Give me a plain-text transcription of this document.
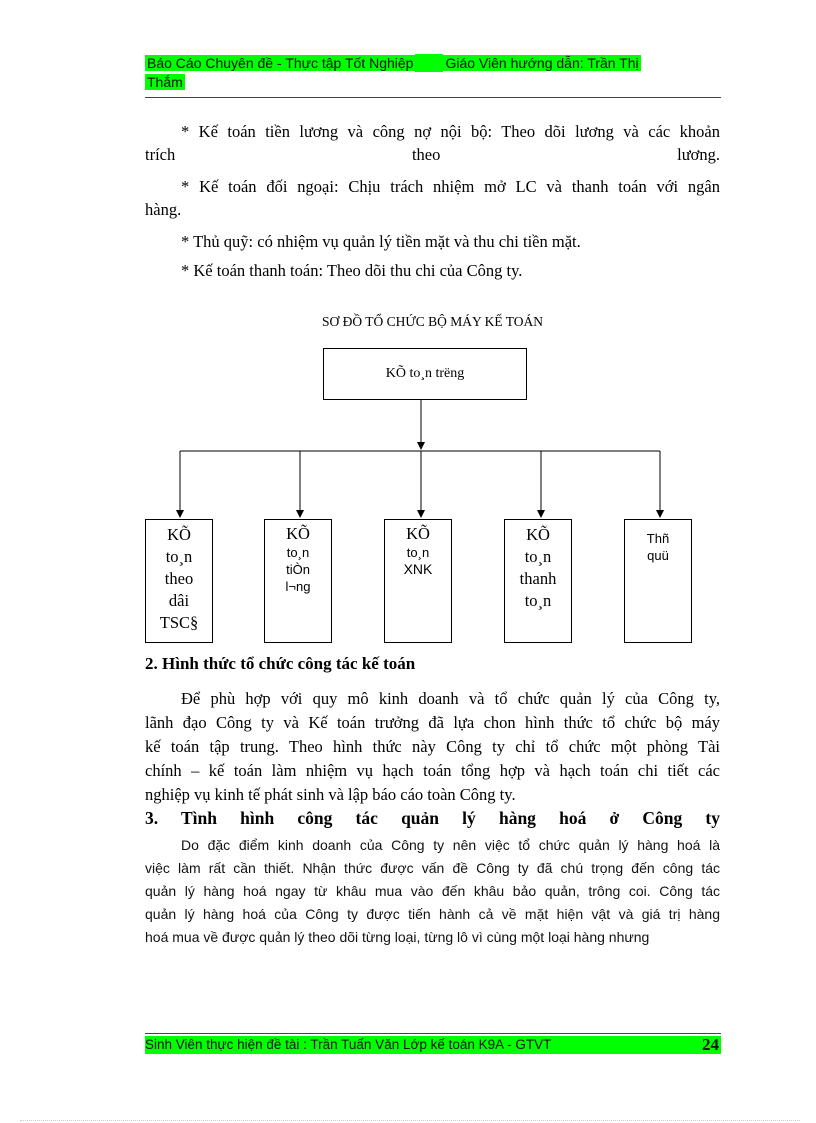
Báo Cáo Chuyên đề - Thực tập Tốt Nghiệp Giáo Viên hướng dẫn: Trần Thị
Thắm
* Kế toán tiền lương và công nợ nội bộ: Theo dõi lương và các khoản
trích	theo	lương.
* Kế toán đối ngoại: Chịu trách nhiệm mở LC và thanh toán với ngân
hàng.
* Thủ quỹ: có nhiệm vụ quản lý tiền mặt và thu chi tiền mặt.
* Kế toán thanh toán: Theo dõi thu chi của Công ty.
SƠ ĐỒ TỔ CHỨC BỘ MÁY KẾ TOÁN
KÕ to¸n trëng
KÕ
to¸n
theo
dâi
TSC§
KÕ
to¸n
tiÒn
l¬ng
KÕ
to¸n
XNK
KÕ
to¸n
thanh
to¸n
Thñ
quü
2. Hình thức tổ chức công tác kế toán
Để phù hợp với quy mô kinh doanh và tổ chức quản lý của Công ty,
lãnh đạo Công ty và Kế toán trưởng đã lựa chon hình thức tổ chức bộ máy
kế toán tập trung. Theo hình thức này Công ty chỉ tổ chức một phòng Tài
chính – kế toán làm nhiệm vụ hạch toán tổng hợp và hạch toán chi tiết các
nghiệp vụ kinh tế phát sinh và lập báo cáo toàn Công ty.
3. Tình hình công tác quản lý hàng hoá ở Công ty
Do đặc điểm kinh doanh của Công ty nên việc tổ chức quản lý hàng hoá là
việc làm rất cần thiết. Nhận thức được vấn đề Công ty đã chú trọng đến công tác
quản lý hàng hoá ngay từ khâu mua vào đến khâu bảo quản, trông coi. Công tác
quản lý hàng hoá của Công ty được tiến hành cả về mặt hiện vật và giá trị hàng
hoá mua về được quản lý theo dõi từng loại, từng lô vì cùng một loại hàng nhưng
Sinh Viên thực hiện đề tài : Trần Tuấn Văn Lớp kế toán K9A - GTVT	24
